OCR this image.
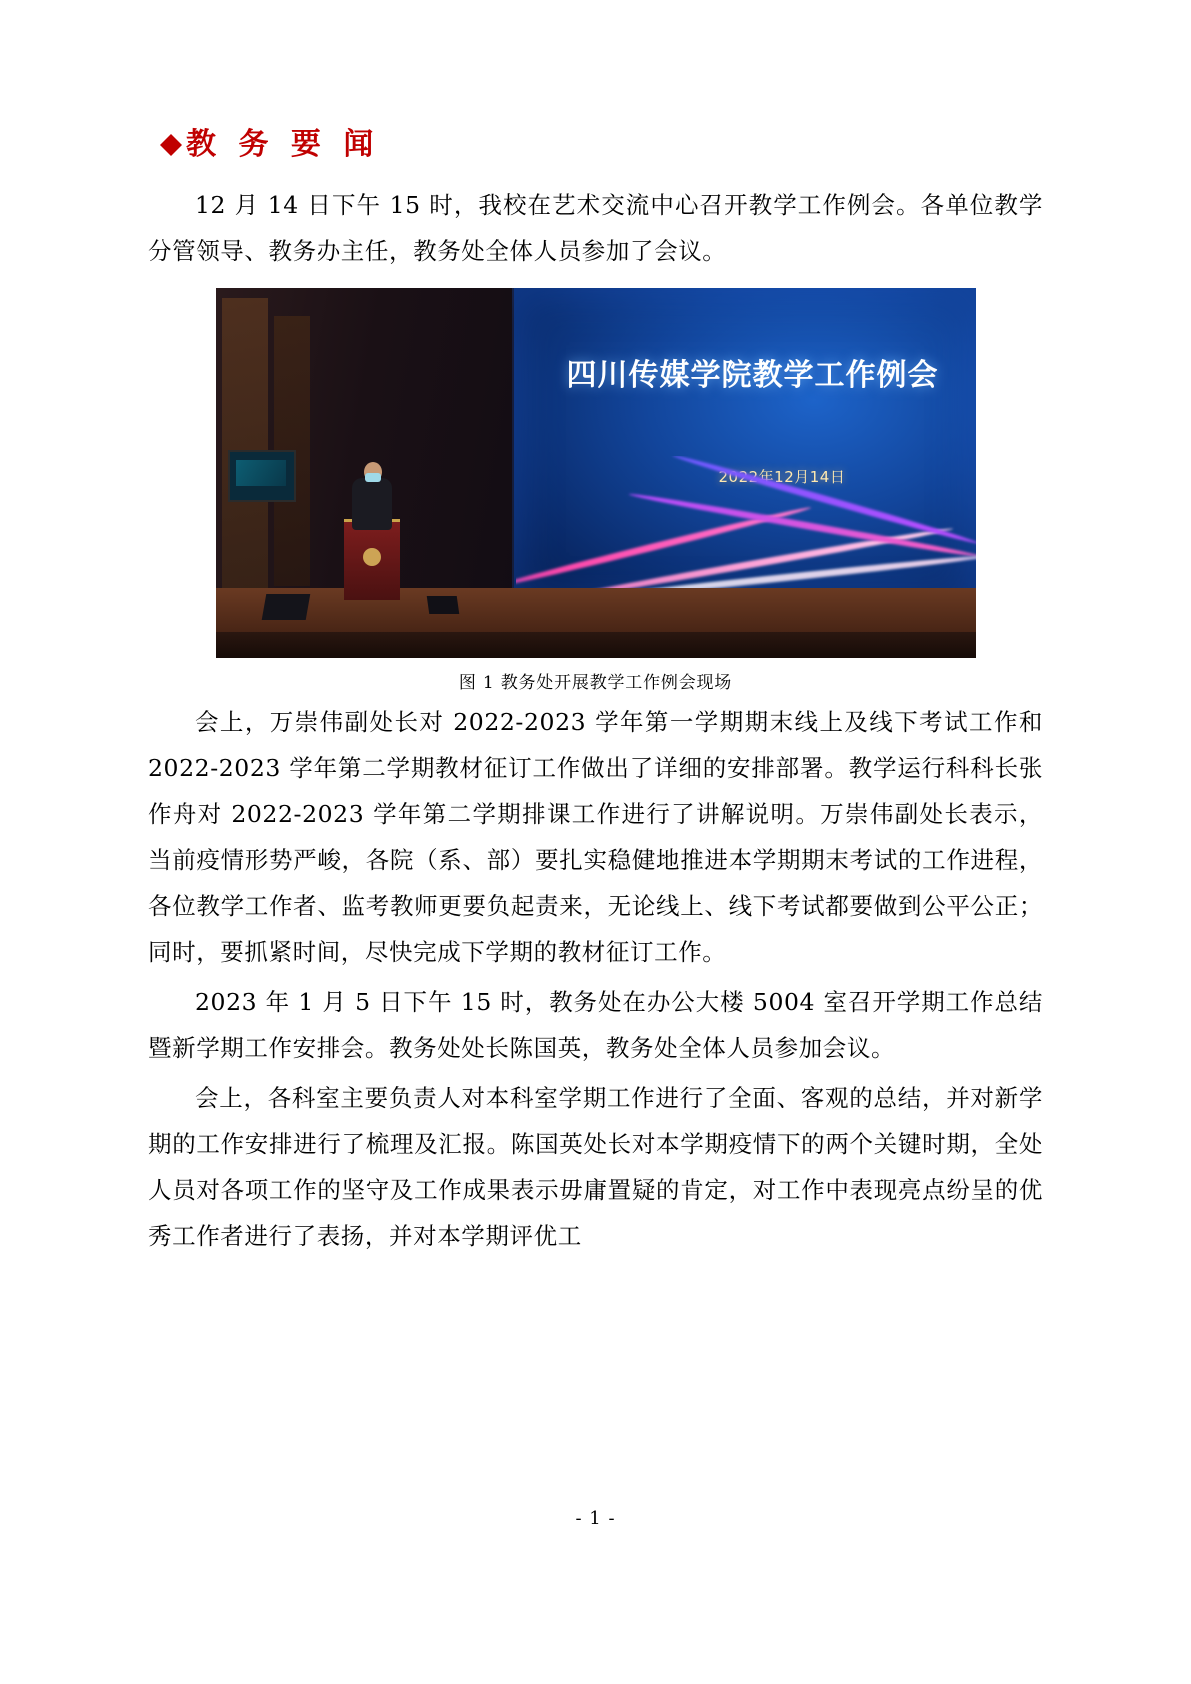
教 务 要 闻

12 月 14 日下午 15 时，我校在艺术交流中心召开教学工作例会。各单位教学分管领导、教务办主任，教务处全体人员参加了会议。

四川传媒学院教学工作例会
2022年12月14日
图 1 教务处开展教学工作例会现场

会上，万崇伟副处长对 2022-2023 学年第一学期期末线上及线下考试工作和 2022-2023 学年第二学期教材征订工作做出了详细的安排部署。教学运行科科长张作舟对 2022-2023 学年第二学期排课工作进行了讲解说明。万崇伟副处长表示，当前疫情形势严峻，各院（系、部）要扎实稳健地推进本学期期末考试的工作进程，各位教学工作者、监考教师更要负起责来，无论线上、线下考试都要做到公平公正；同时，要抓紧时间，尽快完成下学期的教材征订工作。

2023 年 1 月 5 日下午 15 时，教务处在办公大楼 5004 室召开学期工作总结暨新学期工作安排会。教务处处长陈国英，教务处全体人员参加会议。

会上，各科室主要负责人对本科室学期工作进行了全面、客观的总结，并对新学期的工作安排进行了梳理及汇报。陈国英处长对本学期疫情下的两个关键时期，全处人员对各项工作的坚守及工作成果表示毋庸置疑的肯定，对工作中表现亮点纷呈的优秀工作者进行了表扬，并对本学期评优工

- 1 -
